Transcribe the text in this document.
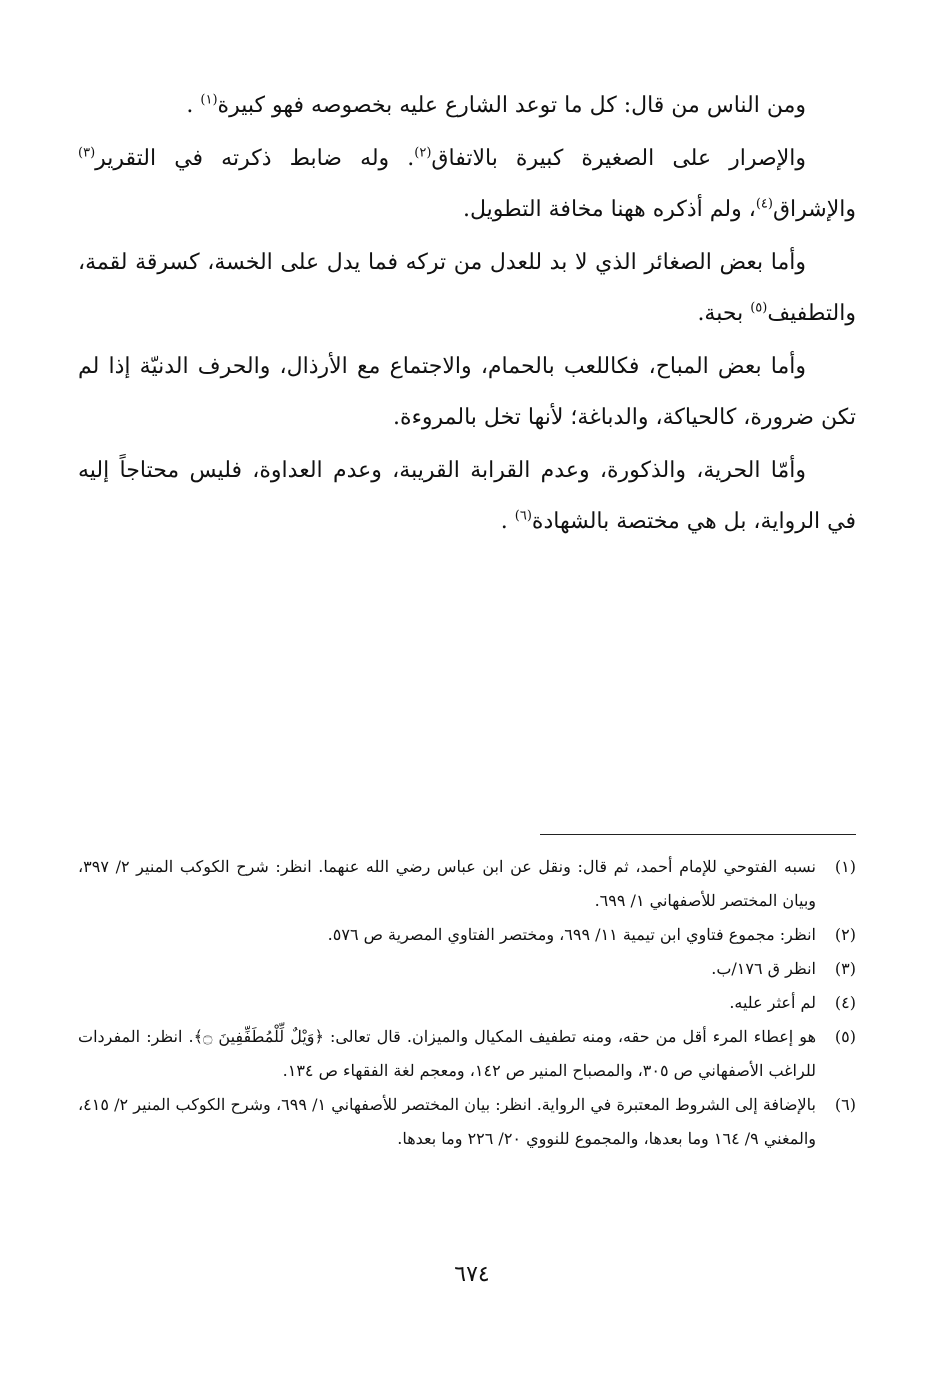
ومن الناس من قال: كل ما توعد الشارع عليه بخصوصه فهو كبيرة$^{(١)}$ .

والإصرار على الصغيرة كبيرة بالاتفاق$^{(٢)}$. وله ضابط ذكرته في التقرير$^{(٣)}$ والإشراق$^{(٤)}$، ولم أذكره ههنا مخافة التطويل.

وأما بعض الصغائر الذي لا بد للعدل من تركه فما يدل على الخسة، كسرقة لقمة، والتطفيف$^{(٥)}$ بحبة.

وأما بعض المباح، فكاللعب بالحمام، والاجتماع مع الأرذال، والحرف الدنيّة إذا لم تكن ضرورة، كالحياكة، والدباغة؛ لأنها تخل بالمروءة.

وأمّا الحرية، والذكورة، وعدم القرابة القريبة، وعدم العداوة، فليس محتاجاً إليه في الرواية، بل هي مختصة بالشهادة$^{(٦)}$ .

(١)
نسبه الفتوحي للإمام أحمد، ثم قال: ونقل عن ابن عباس رضي الله عنهما. انظر: شرح الكوكب المنير ٢/ ٣٩٧، وبيان المختصر للأصفهاني ١/ ٦٩٩.
(٢)
انظر: مجموع فتاوي ابن تيمية ١١/ ٦٩٩، ومختصر الفتاوي المصرية ص ٥٧٦.
(٣)
انظر ق ١٧٦/ب.
(٤)
لم أعثر عليه.
(٥)
هو إعطاء المرء أقل من حقه، ومنه تطفيف المكيال والميزان. قال تعالى: ﴿وَيْلٌ لِّلْمُطَفِّفِينَ ۝﴾. انظر: المفردات للراغب الأصفهاني ص ٣٠٥، والمصباح المنير ص ١٤٢، ومعجم لغة الفقهاء ص ١٣٤.
(٦)
بالإضافة إلى الشروط المعتبرة في الرواية. انظر: بيان المختصر للأصفهاني ١/ ٦٩٩، وشرح الكوكب المنير ٢/ ٤١٥، والمغني ٩/ ١٦٤ وما بعدها، والمجموع للنووي ٢٠/ ٢٢٦ وما بعدها.
٦٧٤
